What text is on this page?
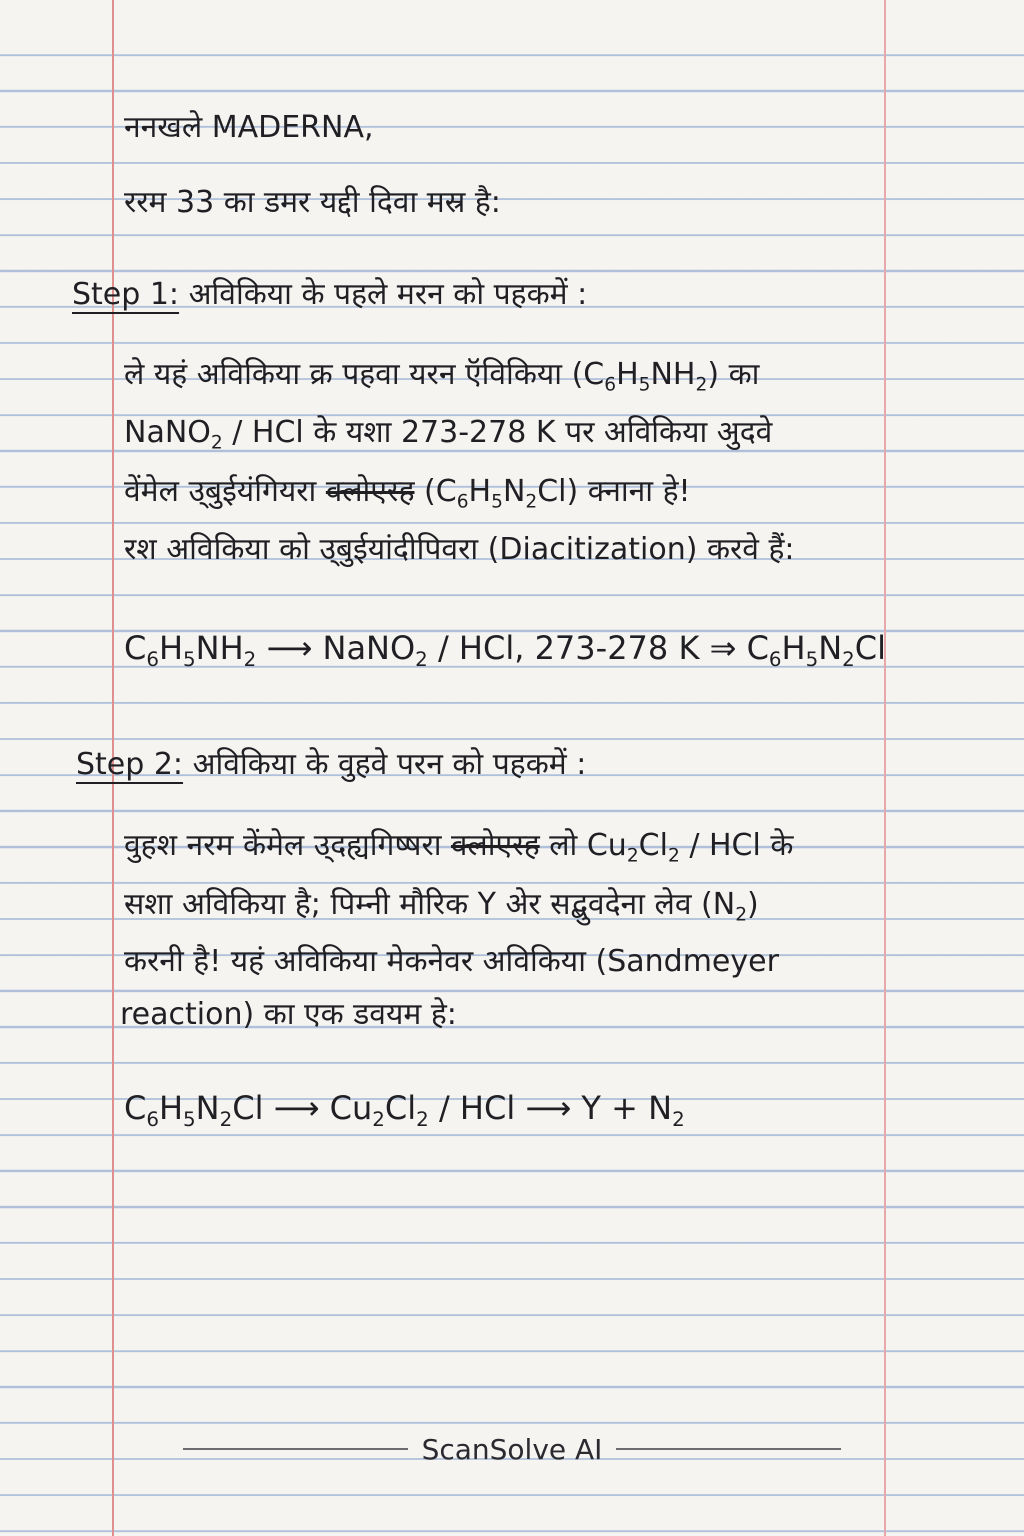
ननखले MADERNA,
ररम 33 का डमर यद्दी दिवा मस्र है:
Step 1: अविकिया के पहले मरन को पहकमें :
ले यहं अविकिया क्र पहवा यरन ऍविकिया $(C_6H_5NH_2)$ का
NaNO$_2$ / HCl के यशा 273-278 K पर अविकिया अुदवे
वेंमेल उ्बुईयंगियरा क्लोएस्ह $(C_6H_5N_2Cl)$ क्नाना हे!
रश अविकिया को उ्बुईयांदीपिवरा (Diacitization) करवे हैं:
$C_6H_5NH_2$ ⟶ NaNO$_2$ / HCl, 273-278 K ⇒ $C_6H_5N_2Cl$
Step 2: अविकिया के वुहवे परन को पहकमें :
वुहश नरम केंमेल उ्दह्यगिष्षरा क्लोएस्ह लो $Cu_2Cl_2$ / HCl के
सशा अविकिया है; पिम्नी मौरिक Y अेर सद्बुवदेना लेव $(N_2)$
करनी है! यहं अविकिया मेकनेवर अविकिया (Sandmeyer
reaction) का एक डवयम हे:
$C_6H_5N_2Cl$ ⟶ $Cu_2Cl_2$ / HCl ⟶ $Y + N_2$
ScanSolve AI
